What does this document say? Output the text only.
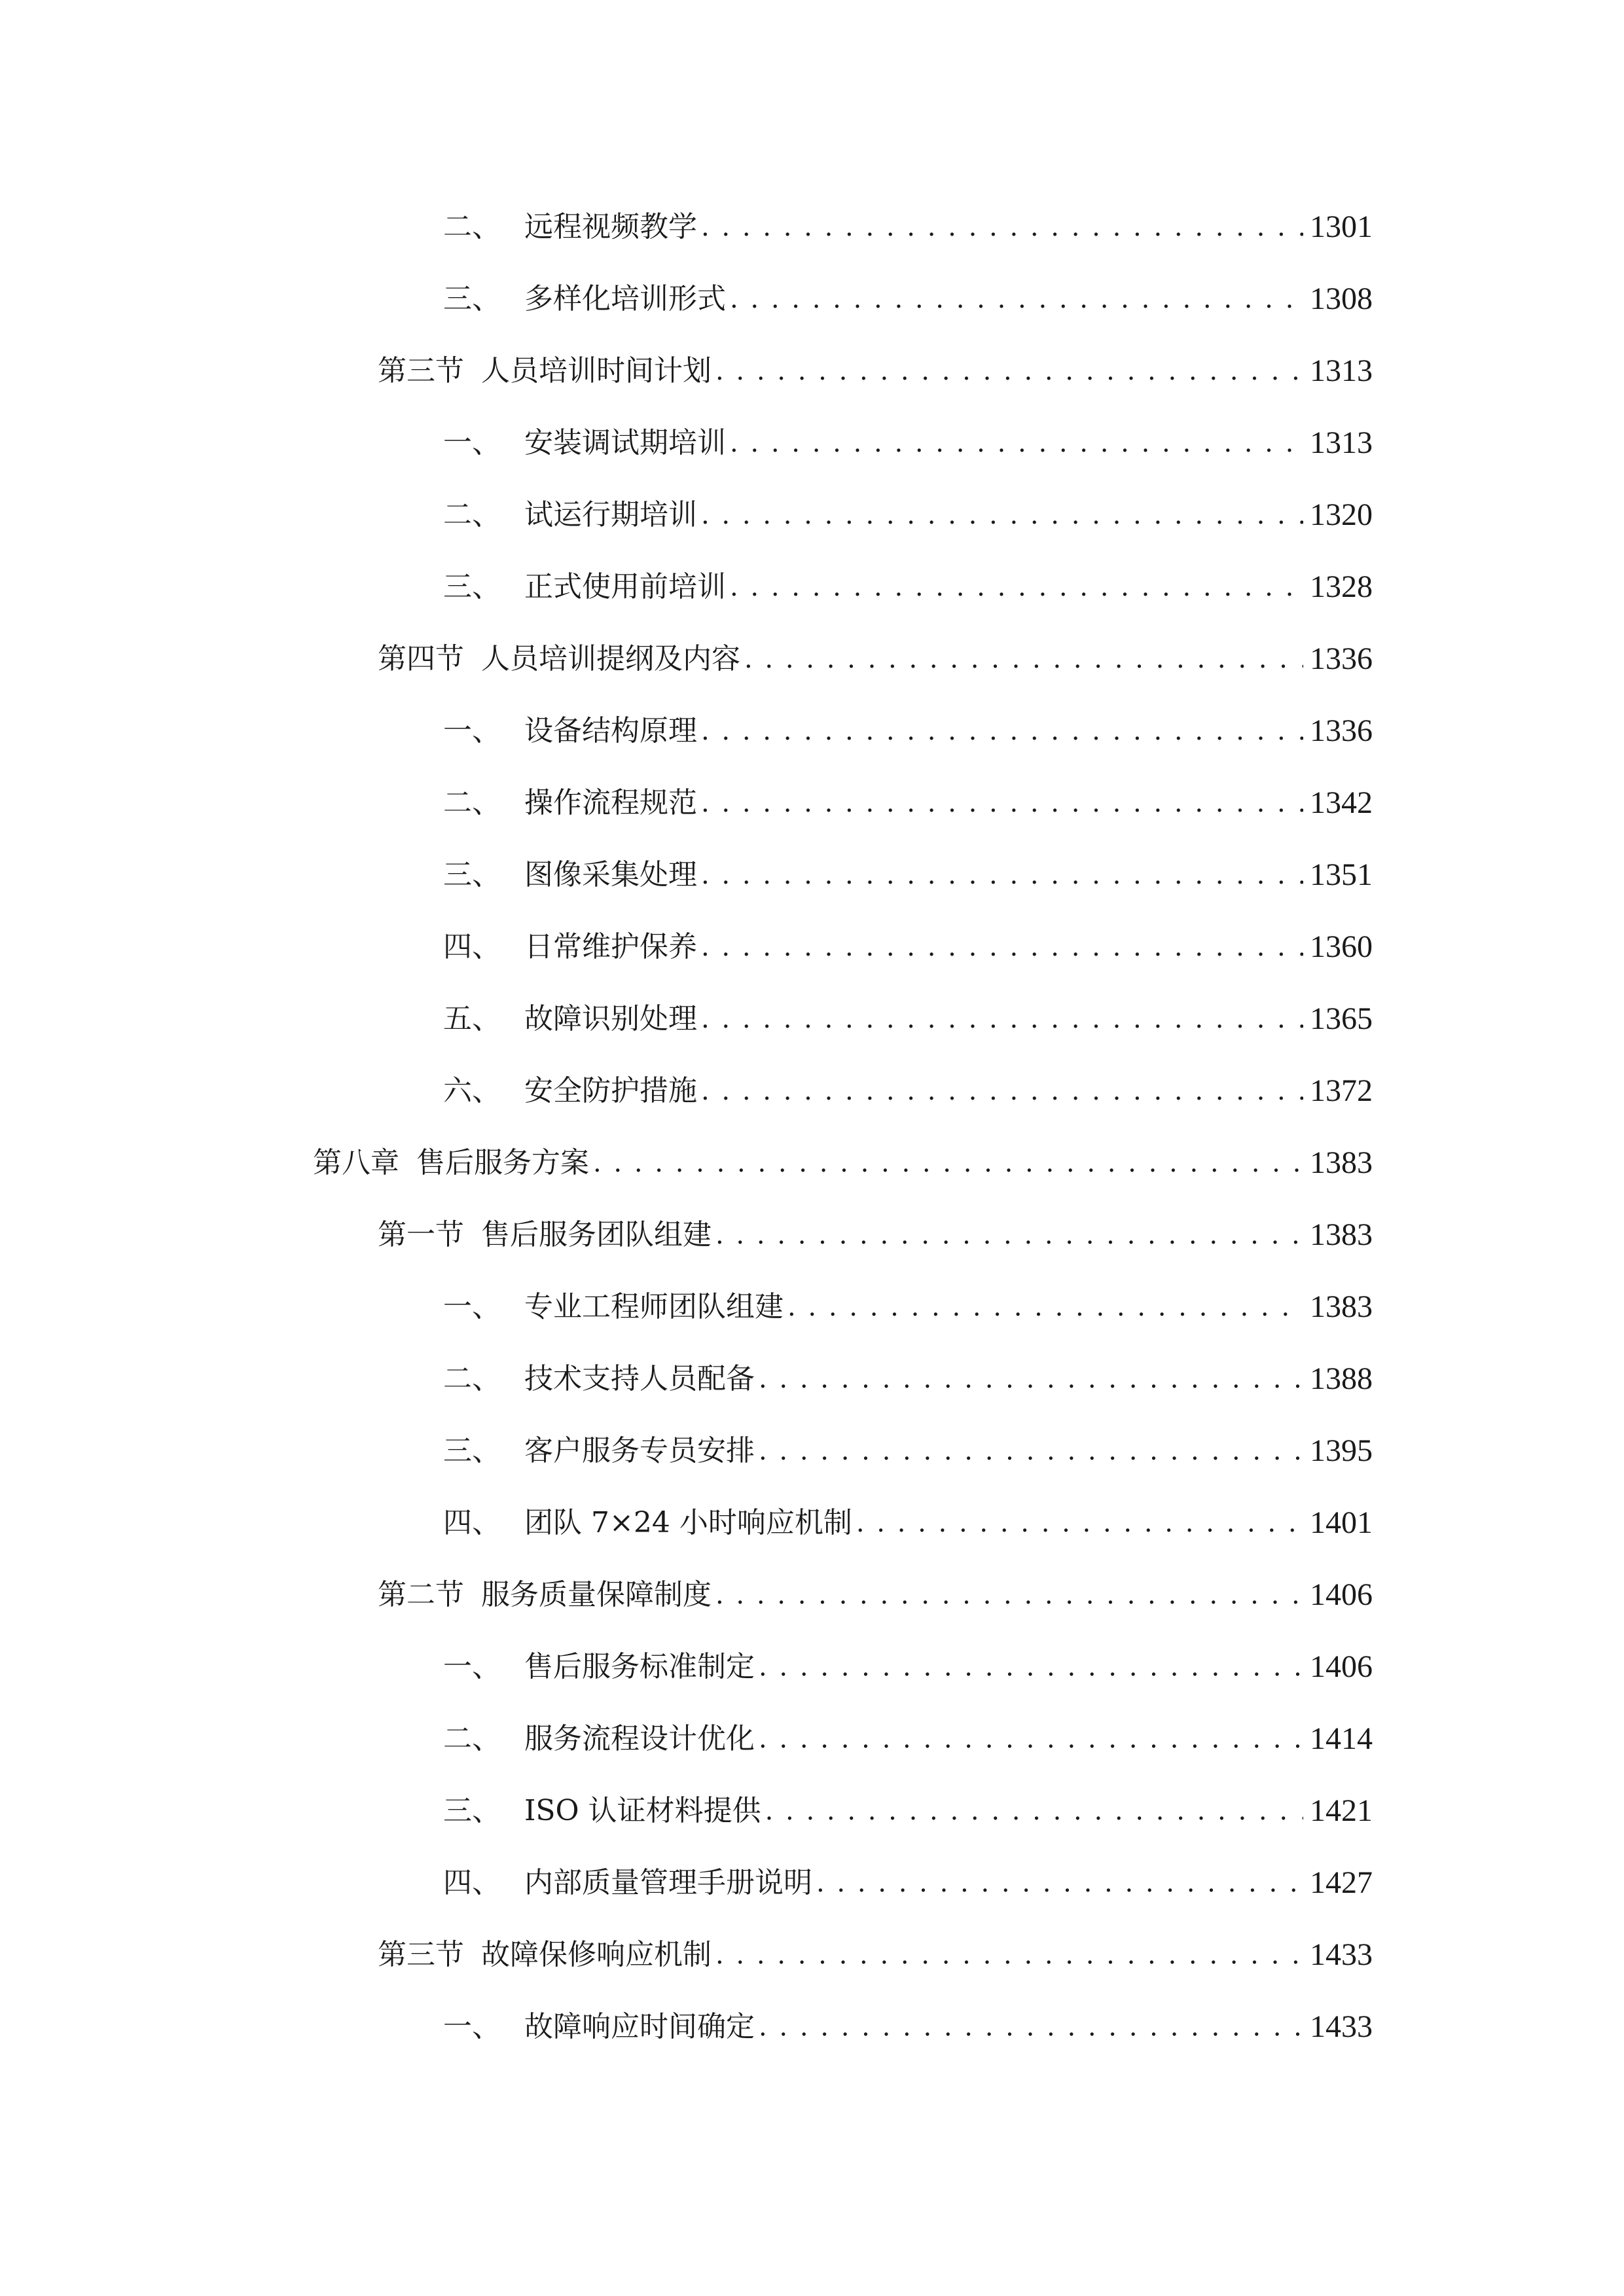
二、 远程视频教学 . . .	1301
三、 多样化培训形式 . . .	1308
第三节 人员培训时间计划 . . .	1313
一、 安装调试期培训 . . .	1313
二、 试运行期培训 . . .	1320
三、 正式使用前培训 . . .	1328
第四节 人员培训提纲及内容 . . .	1336
一、 设备结构原理 . . .	1336
二、 操作流程规范 . . .	1342
三、 图像采集处理 . . .	1351
四、 日常维护保养 . . .	1360
五、 故障识别处理 . . .	1365
六、 安全防护措施 . . .	1372
第八章 售后服务方案 . . .	1383
第一节 售后服务团队组建 . . .	1383
一、 专业工程师团队组建 . . .	1383
二、 技术支持人员配备 . . .	1388
三、 客户服务专员安排 . . .	1395
四、 团队 7×24 小时响应机制 . . .	1401
第二节 服务质量保障制度 . . .	1406
一、 售后服务标准制定 . . .	1406
二、 服务流程设计优化 . . .	1414
三、 ISO 认证材料提供 . . .	1421
四、 内部质量管理手册说明 . . .	1427
第三节 故障保修响应机制 . . .	1433
一、 故障响应时间确定 . . .	1433
